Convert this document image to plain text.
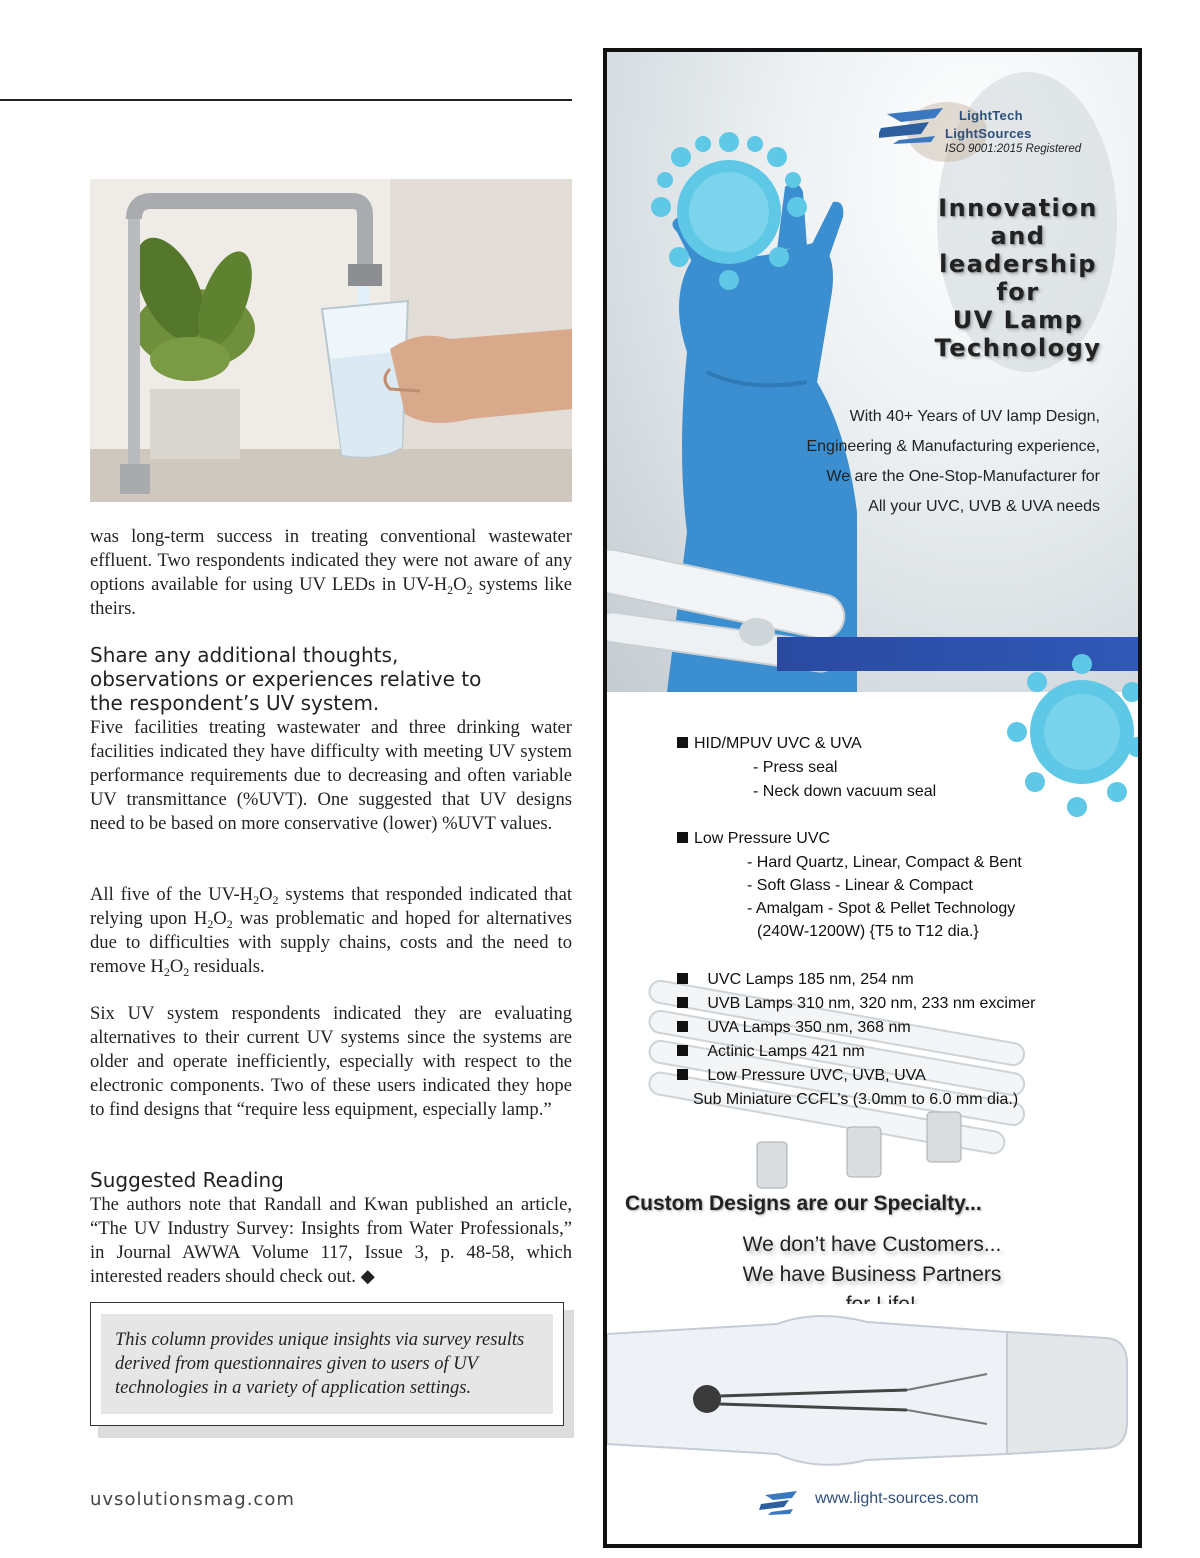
was long-term success in treating conventional wastewater effluent. Two respondents indicated they were not aware of any options available for using UV LEDs in $UV-H_2O_2$ systems like theirs.

Share any additional thoughts, observations or experiences relative to the respondent’s UV system.

Five facilities treating wastewater and three drinking water facilities indicated they have difficulty with meeting UV system performance requirements due to decreasing and often variable UV transmittance (%UVT). One suggested that UV designs need to be based on more conservative (lower) %UVT values.

All five of the $UV-H_2O_2$ systems that responded indicated that relying upon $H_2O_2$ was problematic and hoped for alternatives due to difficulties with supply chains, costs and the need to remove $H_2O_2$ residuals.

Six UV system respondents indicated they are evaluating alternatives to their current UV systems since the systems are older and operate inefficiently, especially with respect to the electronic components. Two of these users indicated they hope to find designs that “require less equipment, especially lamp.”

Suggested Reading

The authors note that Randall and Kwan published an article, “The UV Industry Survey: Insights from Water Professionals,” in Journal AWWA Volume 117, Issue 3, p. 48-58, which interested readers should check out. ◆

This column provides unique insights via survey results derived from questionnaires given to users of UV technologies in a variety of application settings.

uvsolutionsmag.com
LightTech
LightSources
ISO 9001:2015 Registered
Innovation
and
leadership
for
UV Lamp
Technology
With 40+ Years of UV lamp Design,
Engineering & Manufacturing experience,
We are the One-Stop-Manufacturer for
All your UVC, UVB & UVA needs
HID/MPUV UVC & UVA
- Press seal
- Neck down vacuum seal
Low Pressure UVC
- Hard Quartz, Linear, Compact & Bent
- Soft Glass - Linear & Compact
- Amalgam - Spot & Pellet Technology
(240W-1200W) {T5 to T12 dia.}
UVC Lamps 185 nm, 254 nm
UVB Lamps 310 nm, 320 nm, 233 nm excimer
UVA Lamps 350 nm, 368 nm
Actinic Lamps 421 nm
Low Pressure UVC, UVB, UVA
Sub Miniature CCFL’s (3.0mm to 6.0 mm dia.)
Custom Designs are our Specialty...
We don’t have Customers...
We have Business Partners
www.light-sources.com
